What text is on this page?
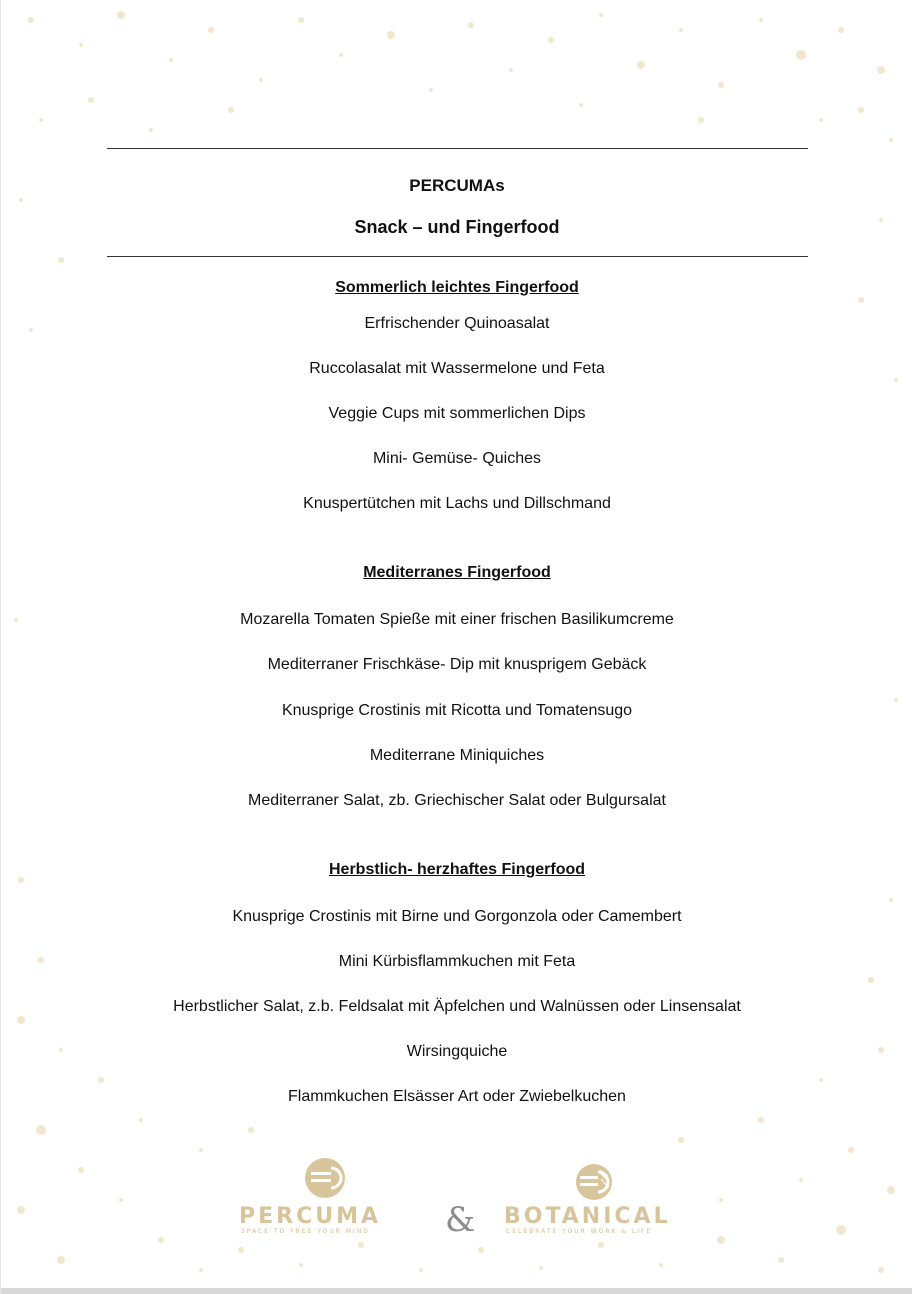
PERCUMAs
Snack – und Fingerfood
Sommerlich leichtes Fingerfood
Erfrischender Quinoasalat
Ruccolasalat mit Wassermelone und Feta
Veggie Cups mit sommerlichen Dips
Mini- Gemüse- Quiches
Knuspertütchen mit Lachs und Dillschmand
Mediterranes Fingerfood
Mozarella Tomaten Spieße mit einer frischen Basilikumcreme
Mediterraner Frischkäse- Dip mit knusprigem Gebäck
Knusprige Crostinis mit Ricotta und Tomatensugo
Mediterrane Miniquiches
Mediterraner Salat, zb. Griechischer Salat oder Bulgursalat
Herbstlich- herzhaftes Fingerfood
Knusprige Crostinis mit Birne und Gorgonzola oder Camembert
Mini Kürbisflammkuchen mit Feta
Herbstlicher Salat, z.b. Feldsalat mit Äpfelchen und Walnüssen oder Linsensalat
Wirsingquiche
Flammkuchen Elsässer Art oder Zwiebelkuchen
PERCUMA
SPACE TO FREE YOUR MIND & BOTANICAL
CELEBRATE YOUR WORK & LIFE
